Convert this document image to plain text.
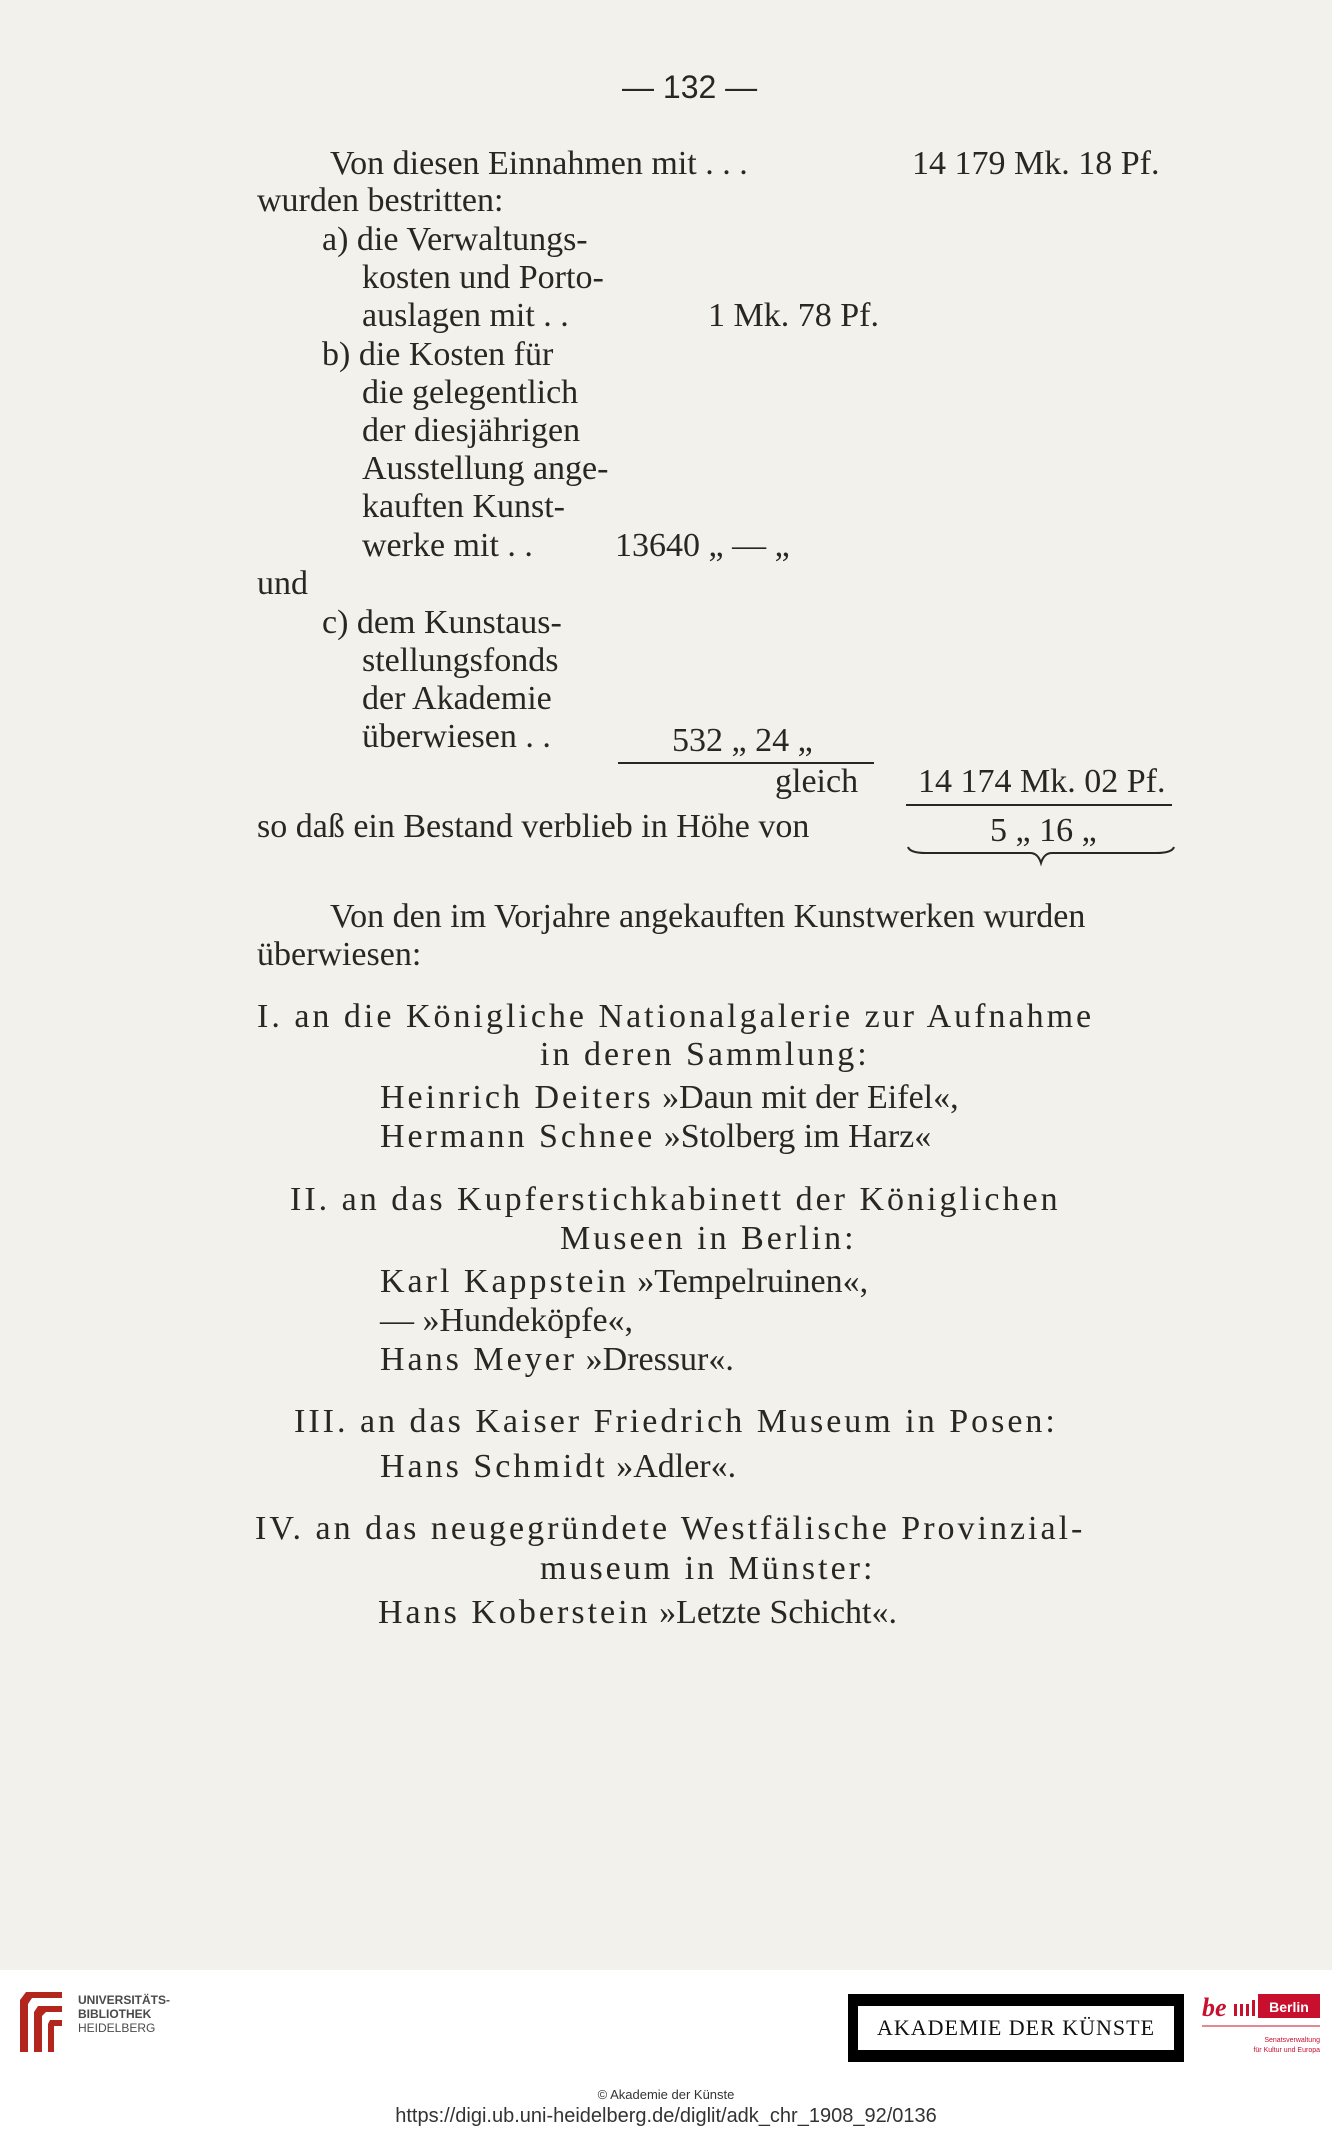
— 132 —
Von diesen Einnahmen mit . . .	14 179 Mk. 18 Pf.
wurden bestritten:
a) die Verwaltungs-
kosten und Porto-
auslagen mit . .	1 Mk. 78 Pf.
b) die Kosten für
die gelegentlich
der diesjährigen
Ausstellung ange-
kauften Kunst-
werke mit . . 13640 „ — „
und
c) dem Kunstaus-
stellungsfonds
der Akademie
überwiesen . .	532 „ 24 „
gleich 14 174 Mk. 02 Pf.
so daß ein Bestand verblieb in Höhe von	5 „ 16 „
Von den im Vorjahre angekauften Kunstwerken wurden
überwiesen:
I. an die Königliche Nationalgalerie zur Aufnahme
in deren Sammlung:
Heinrich Deiters »Daun mit der Eifel«,
Hermann Schnee »Stolberg im Harz«
II. an das Kupferstichkabinett der Königlichen
Museen in Berlin:
Karl Kappstein »Tempelruinen«,
— »Hundeköpfe«,
Hans Meyer »Dressur«.
III. an das Kaiser Friedrich Museum in Posen:
Hans Schmidt »Adler«.
IV. an das neugegründete Westfälische Provinzial-
museum in Münster:
Hans Koberstein »Letzte Schicht«.
UNIVERSITÄTS-
BIBLIOTHEK
HEIDELBERG	AKADEMIE DER KÜNSTE
be	Berlin
Senatsverwaltung
für Kultur und Europa
© Akademie der Künste
https://digi.ub.uni-heidelberg.de/diglit/adk_chr_1908_92/0136
